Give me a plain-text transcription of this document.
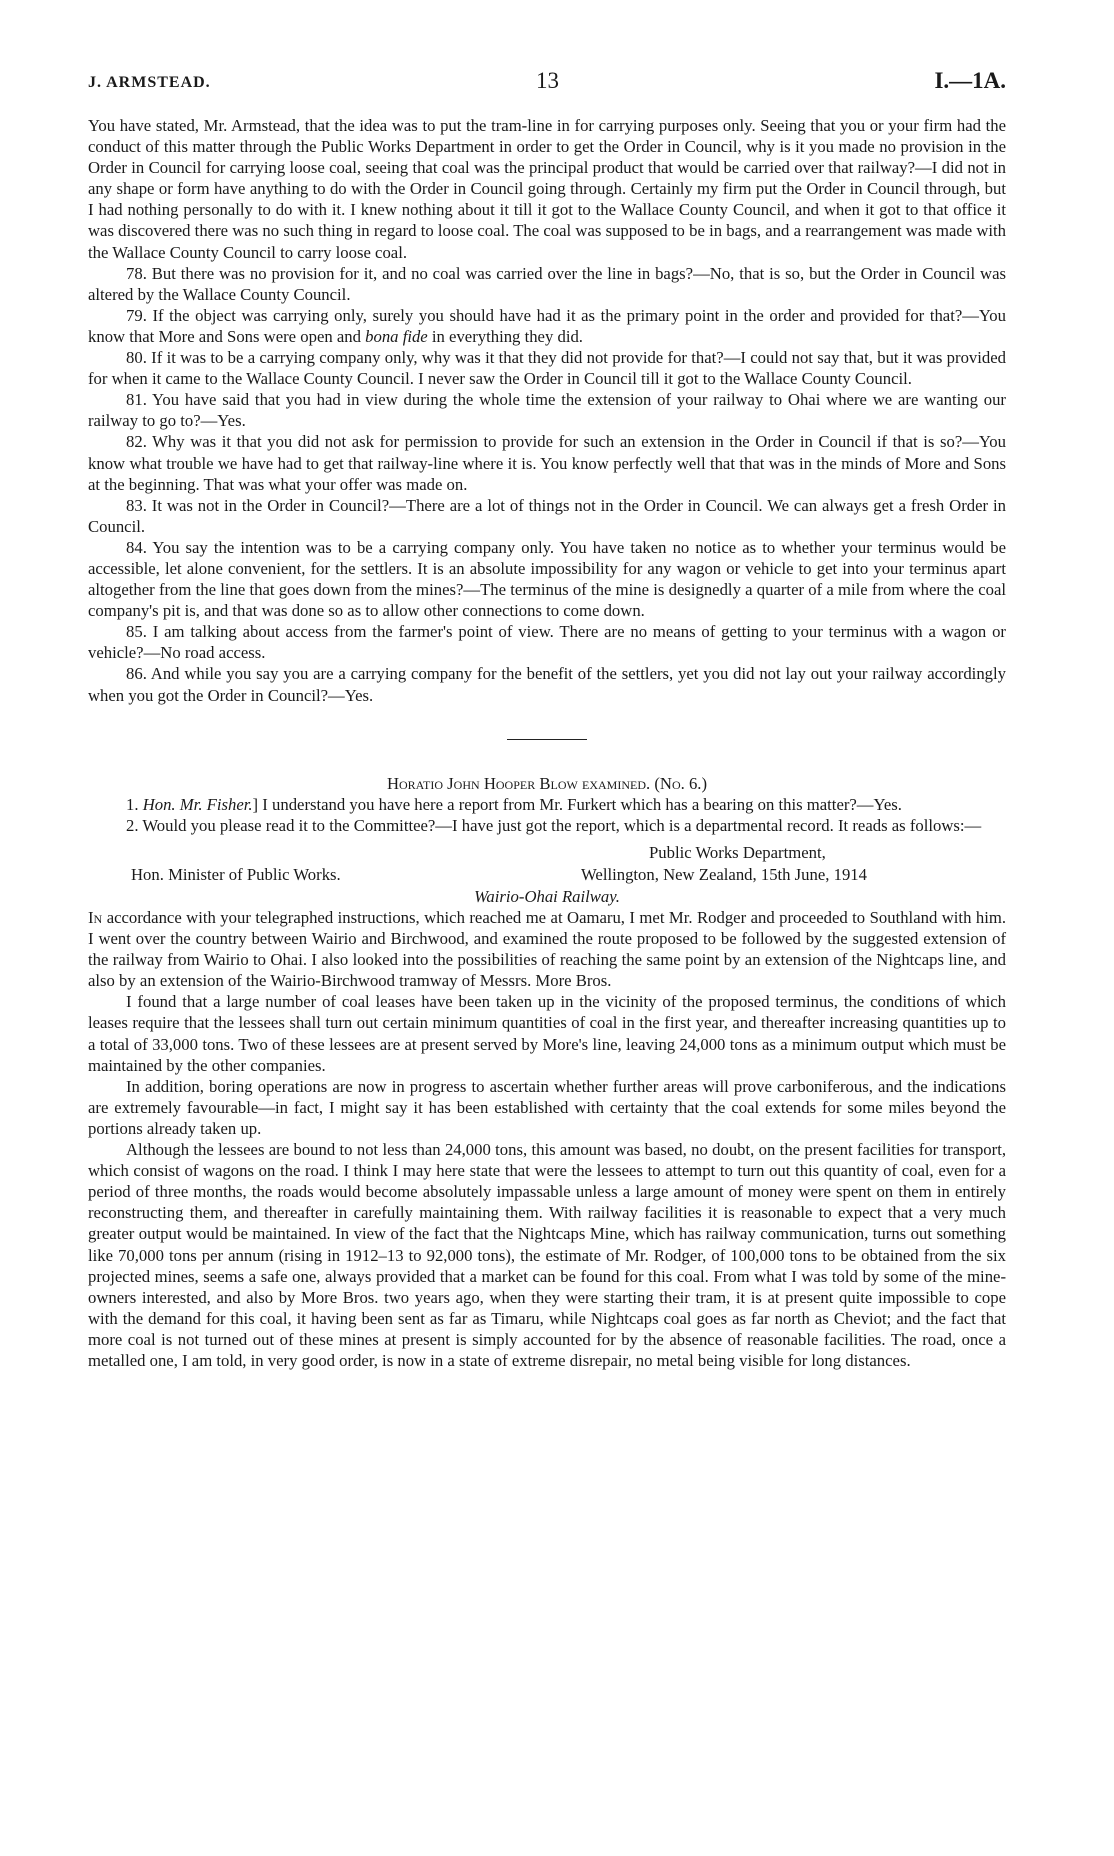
J. ARMSTEAD.	13	I.—1A.

You have stated, Mr. Armstead, that the idea was to put the tram-line in for carrying purposes only. Seeing that you or your firm had the conduct of this matter through the Public Works Department in order to get the Order in Council, why is it you made no provision in the Order in Council for carrying loose coal, seeing that coal was the principal product that would be carried over that railway?—I did not in any shape or form have anything to do with the Order in Council going through. Certainly my firm put the Order in Council through, but I had nothing personally to do with it. I knew nothing about it till it got to the Wallace County Council, and when it got to that office it was discovered there was no such thing in regard to loose coal. The coal was supposed to be in bags, and a rearrangement was made with the Wallace County Council to carry loose coal.

78. But there was no provision for it, and no coal was carried over the line in bags?—No, that is so, but the Order in Council was altered by the Wallace County Council.

79. If the object was carrying only, surely you should have had it as the primary point in the order and provided for that?—You know that More and Sons were open and bona fide in everything they did.

80. If it was to be a carrying company only, why was it that they did not provide for that?—I could not say that, but it was provided for when it came to the Wallace County Council. I never saw the Order in Council till it got to the Wallace County Council.

81. You have said that you had in view during the whole time the extension of your railway to Ohai where we are wanting our railway to go to?—Yes.

82. Why was it that you did not ask for permission to provide for such an extension in the Order in Council if that is so?—You know what trouble we have had to get that railway-line where it is. You know perfectly well that that was in the minds of More and Sons at the beginning. That was what your offer was made on.

83. It was not in the Order in Council?—There are a lot of things not in the Order in Council. We can always get a fresh Order in Council.

84. You say the intention was to be a carrying company only. You have taken no notice as to whether your terminus would be accessible, let alone convenient, for the settlers. It is an absolute impossibility for any wagon or vehicle to get into your terminus apart altogether from the line that goes down from the mines?—The terminus of the mine is designedly a quarter of a mile from where the coal company's pit is, and that was done so as to allow other connections to come down.

85. I am talking about access from the farmer's point of view. There are no means of getting to your terminus with a wagon or vehicle?—No road access.

86. And while you say you are a carrying company for the benefit of the settlers, yet you did not lay out your railway accordingly when you got the Order in Council?—Yes.

Horatio John Hooper Blow examined. (No. 6.)

1. Hon. Mr. Fisher.] I understand you have here a report from Mr. Furkert which has a bearing on this matter?—Yes.

2. Would you please read it to the Committee?—I have just got the report, which is a departmental record. It reads as follows:—

Public Works Department,
Hon. Minister of Public Works.	Wellington, New Zealand, 15th June, 1914

Wairio-Ohai Railway.

In accordance with your telegraphed instructions, which reached me at Oamaru, I met Mr. Rodger and proceeded to Southland with him. I went over the country between Wairio and Birchwood, and examined the route proposed to be followed by the suggested extension of the railway from Wairio to Ohai. I also looked into the possibilities of reaching the same point by an extension of the Nightcaps line, and also by an extension of the Wairio-Birchwood tramway of Messrs. More Bros.

I found that a large number of coal leases have been taken up in the vicinity of the proposed terminus, the conditions of which leases require that the lessees shall turn out certain minimum quantities of coal in the first year, and thereafter increasing quantities up to a total of 33,000 tons. Two of these lessees are at present served by More's line, leaving 24,000 tons as a minimum output which must be maintained by the other companies.

In addition, boring operations are now in progress to ascertain whether further areas will prove carboniferous, and the indications are extremely favourable—in fact, I might say it has been established with certainty that the coal extends for some miles beyond the portions already taken up.

Although the lessees are bound to not less than 24,000 tons, this amount was based, no doubt, on the present facilities for transport, which consist of wagons on the road. I think I may here state that were the lessees to attempt to turn out this quantity of coal, even for a period of three months, the roads would become absolutely impassable unless a large amount of money were spent on them in entirely reconstructing them, and thereafter in carefully maintaining them. With railway facilities it is reasonable to expect that a very much greater output would be maintained. In view of the fact that the Nightcaps Mine, which has railway communication, turns out something like 70,000 tons per annum (rising in 1912–13 to 92,000 tons), the estimate of Mr. Rodger, of 100,000 tons to be obtained from the six projected mines, seems a safe one, always provided that a market can be found for this coal. From what I was told by some of the mine-owners interested, and also by More Bros. two years ago, when they were starting their tram, it is at present quite impossible to cope with the demand for this coal, it having been sent as far as Timaru, while Nightcaps coal goes as far north as Cheviot; and the fact that more coal is not turned out of these mines at present is simply accounted for by the absence of reasonable facilities. The road, once a metalled one, I am told, in very good order, is now in a state of extreme disrepair, no metal being visible for long distances.
